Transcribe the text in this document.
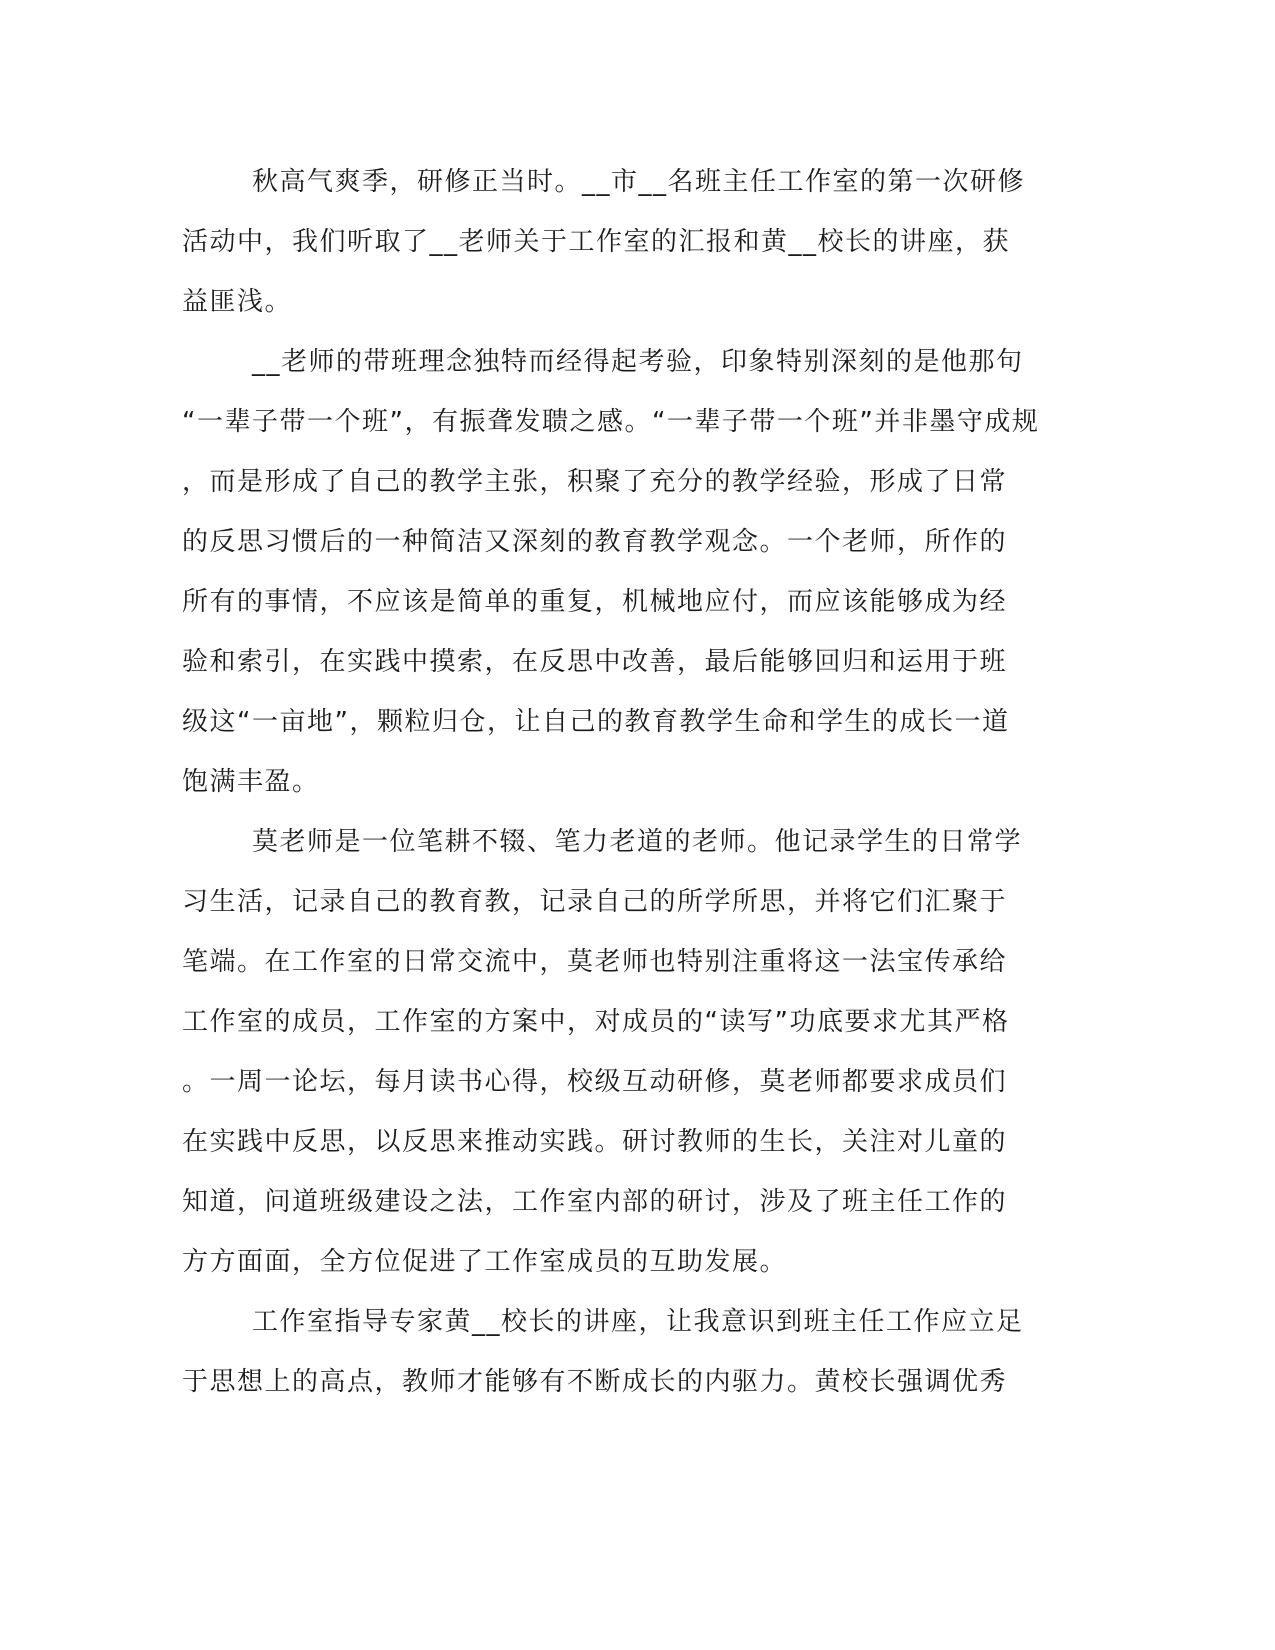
秋高气爽季，研修正当时。__市__名班主任工作室的第一次研修
活动中，我们听取了__老师关于工作室的汇报和黄__校长的讲座，获
益匪浅。
__老师的带班理念独特而经得起考验，印象特别深刻的是他那句
“一辈子带一个班”，有振聋发聩之感。“一辈子带一个班”并非墨守成规
，而是形成了自己的教学主张，积聚了充分的教学经验，形成了日常
的反思习惯后的一种简洁又深刻的教育教学观念。一个老师，所作的
所有的事情，不应该是简单的重复，机械地应付，而应该能够成为经
验和索引，在实践中摸索，在反思中改善，最后能够回归和运用于班
级这“一亩地”，颗粒归仓，让自己的教育教学生命和学生的成长一道
饱满丰盈。
莫老师是一位笔耕不辍、笔力老道的老师。他记录学生的日常学
习生活，记录自己的教育教，记录自己的所学所思，并将它们汇聚于
笔端。在工作室的日常交流中，莫老师也特别注重将这一法宝传承给
工作室的成员，工作室的方案中，对成员的“读写”功底要求尤其严格
。一周一论坛，每月读书心得，校级互动研修，莫老师都要求成员们
在实践中反思，以反思来推动实践。研讨教师的生长，关注对儿童的
知道，问道班级建设之法，工作室内部的研讨，涉及了班主任工作的
方方面面，全方位促进了工作室成员的互助发展。
工作室指导专家黄__校长的讲座，让我意识到班主任工作应立足
于思想上的高点，教师才能够有不断成长的内驱力。黄校长强调优秀
